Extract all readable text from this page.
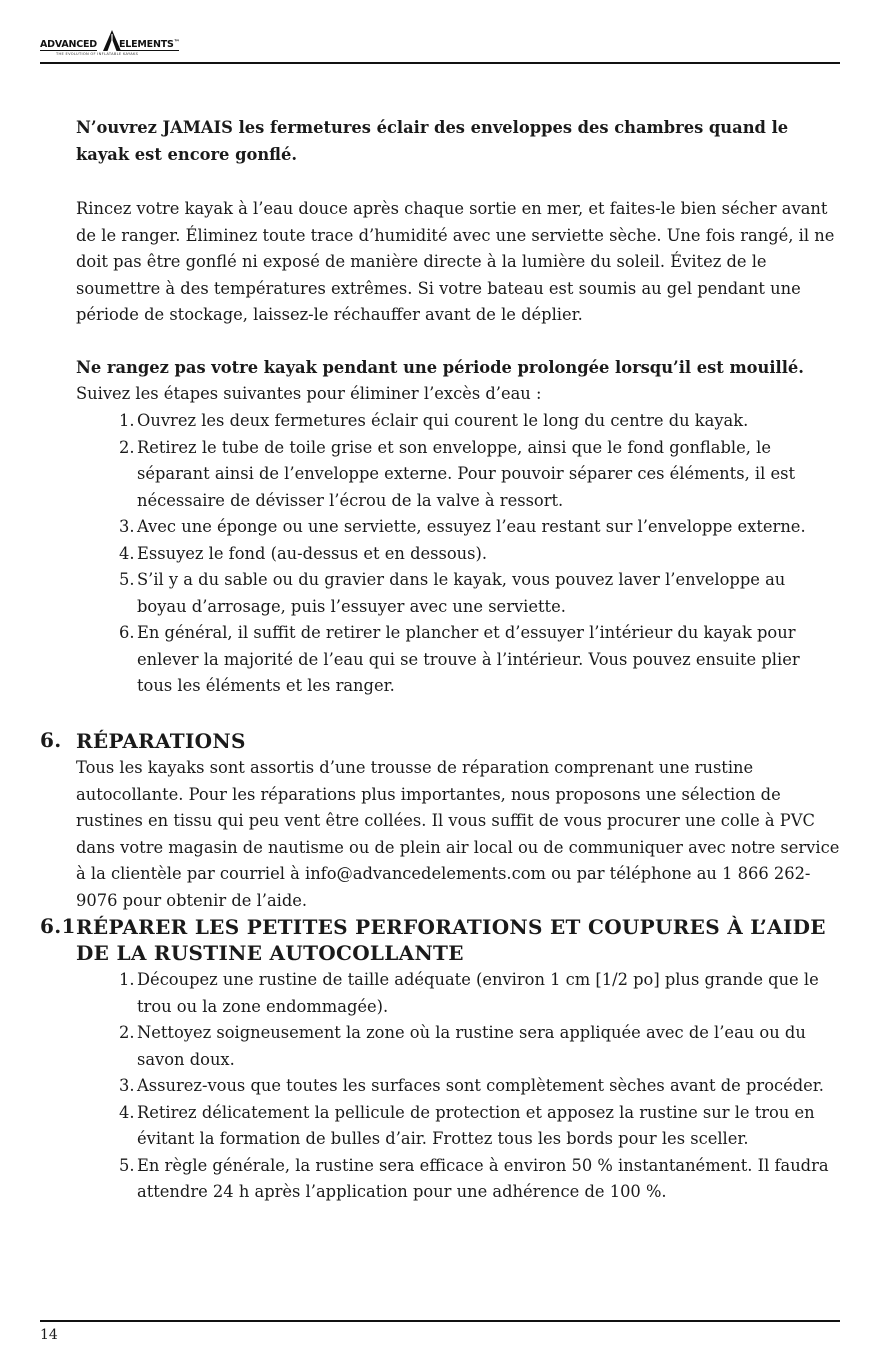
ADVANCED ELEMENTS™
THE EVOLUTION OF INFLATABLE KAYAKS
N’ouvrez JAMAIS les fermetures éclair des enveloppes des chambres quand le kayak est encore gonflé.
Rincez votre kayak à l’eau douce après chaque sortie en mer, et faites-le bien sécher avant de le ranger. Éliminez toute trace d’humidité avec une serviette sèche. Une fois rangé, il ne doit pas être gonflé ni exposé de manière directe à la lumière du soleil. Évitez de le soumettre à des températures extrêmes. Si votre bateau est soumis au gel pendant une période de stockage, laissez-le réchauffer avant de le déplier.
Ne rangez pas votre kayak pendant une période prolongée lorsqu’il est mouillé.
Suivez les étapes suivantes pour éliminer l’excès d’eau :
1. Ouvrez les deux fermetures éclair qui courent le long du centre du kayak.
2. Retirez le tube de toile grise et son enveloppe, ainsi que le fond gonflable, le séparant ainsi de l’enveloppe externe. Pour pouvoir séparer ces éléments, il est nécessaire de dévisser l’écrou de la valve à ressort.
3. Avec une éponge ou une serviette, essuyez l’eau restant sur l’enveloppe externe.
4. Essuyez le fond (au-dessus et en dessous).
5. S’il y a du sable ou du gravier dans le kayak, vous pouvez laver l’enveloppe au boyau d’arrosage, puis l’essuyer avec une serviette.
6. En général, il suffit de retirer le plancher et d’essuyer l’intérieur du kayak pour enlever la majorité de l’eau qui se trouve à l’intérieur. Vous pouvez ensuite plier tous les éléments et les ranger.
6. RÉPARATIONS
Tous les kayaks sont assortis d’une trousse de réparation comprenant une rustine autocollante. Pour les réparations plus importantes, nous proposons une sélection de rustines en tissu qui peu vent être collées. Il vous suffit de vous procurer une colle à PVC dans votre magasin de nautisme ou de plein air local ou de communiquer avec notre service à la clientèle par courriel à info@advancedelements.com ou par téléphone au 1 866 262-9076 pour obtenir de l’aide.
6.1 RÉPARER LES PETITES PERFORATIONS ET COUPURES À L’AIDE DE LA RUSTINE AUTOCOLLANTE
1. Découpez une rustine de taille adéquate (environ 1 cm [1/2 po] plus grande que le trou ou la zone endommagée).
2. Nettoyez soigneusement la zone où la rustine sera appliquée avec de l’eau ou du savon doux.
3. Assurez-vous que toutes les surfaces sont complètement sèches avant de procéder.
4. Retirez délicatement la pellicule de protection et apposez la rustine sur le trou en évitant la formation de bulles d’air. Frottez tous les bords pour les sceller.
5. En règle générale, la rustine sera efficace à environ 50 % instantanément. Il faudra attendre 24 h après l’application pour une adhérence de 100 %.
14
